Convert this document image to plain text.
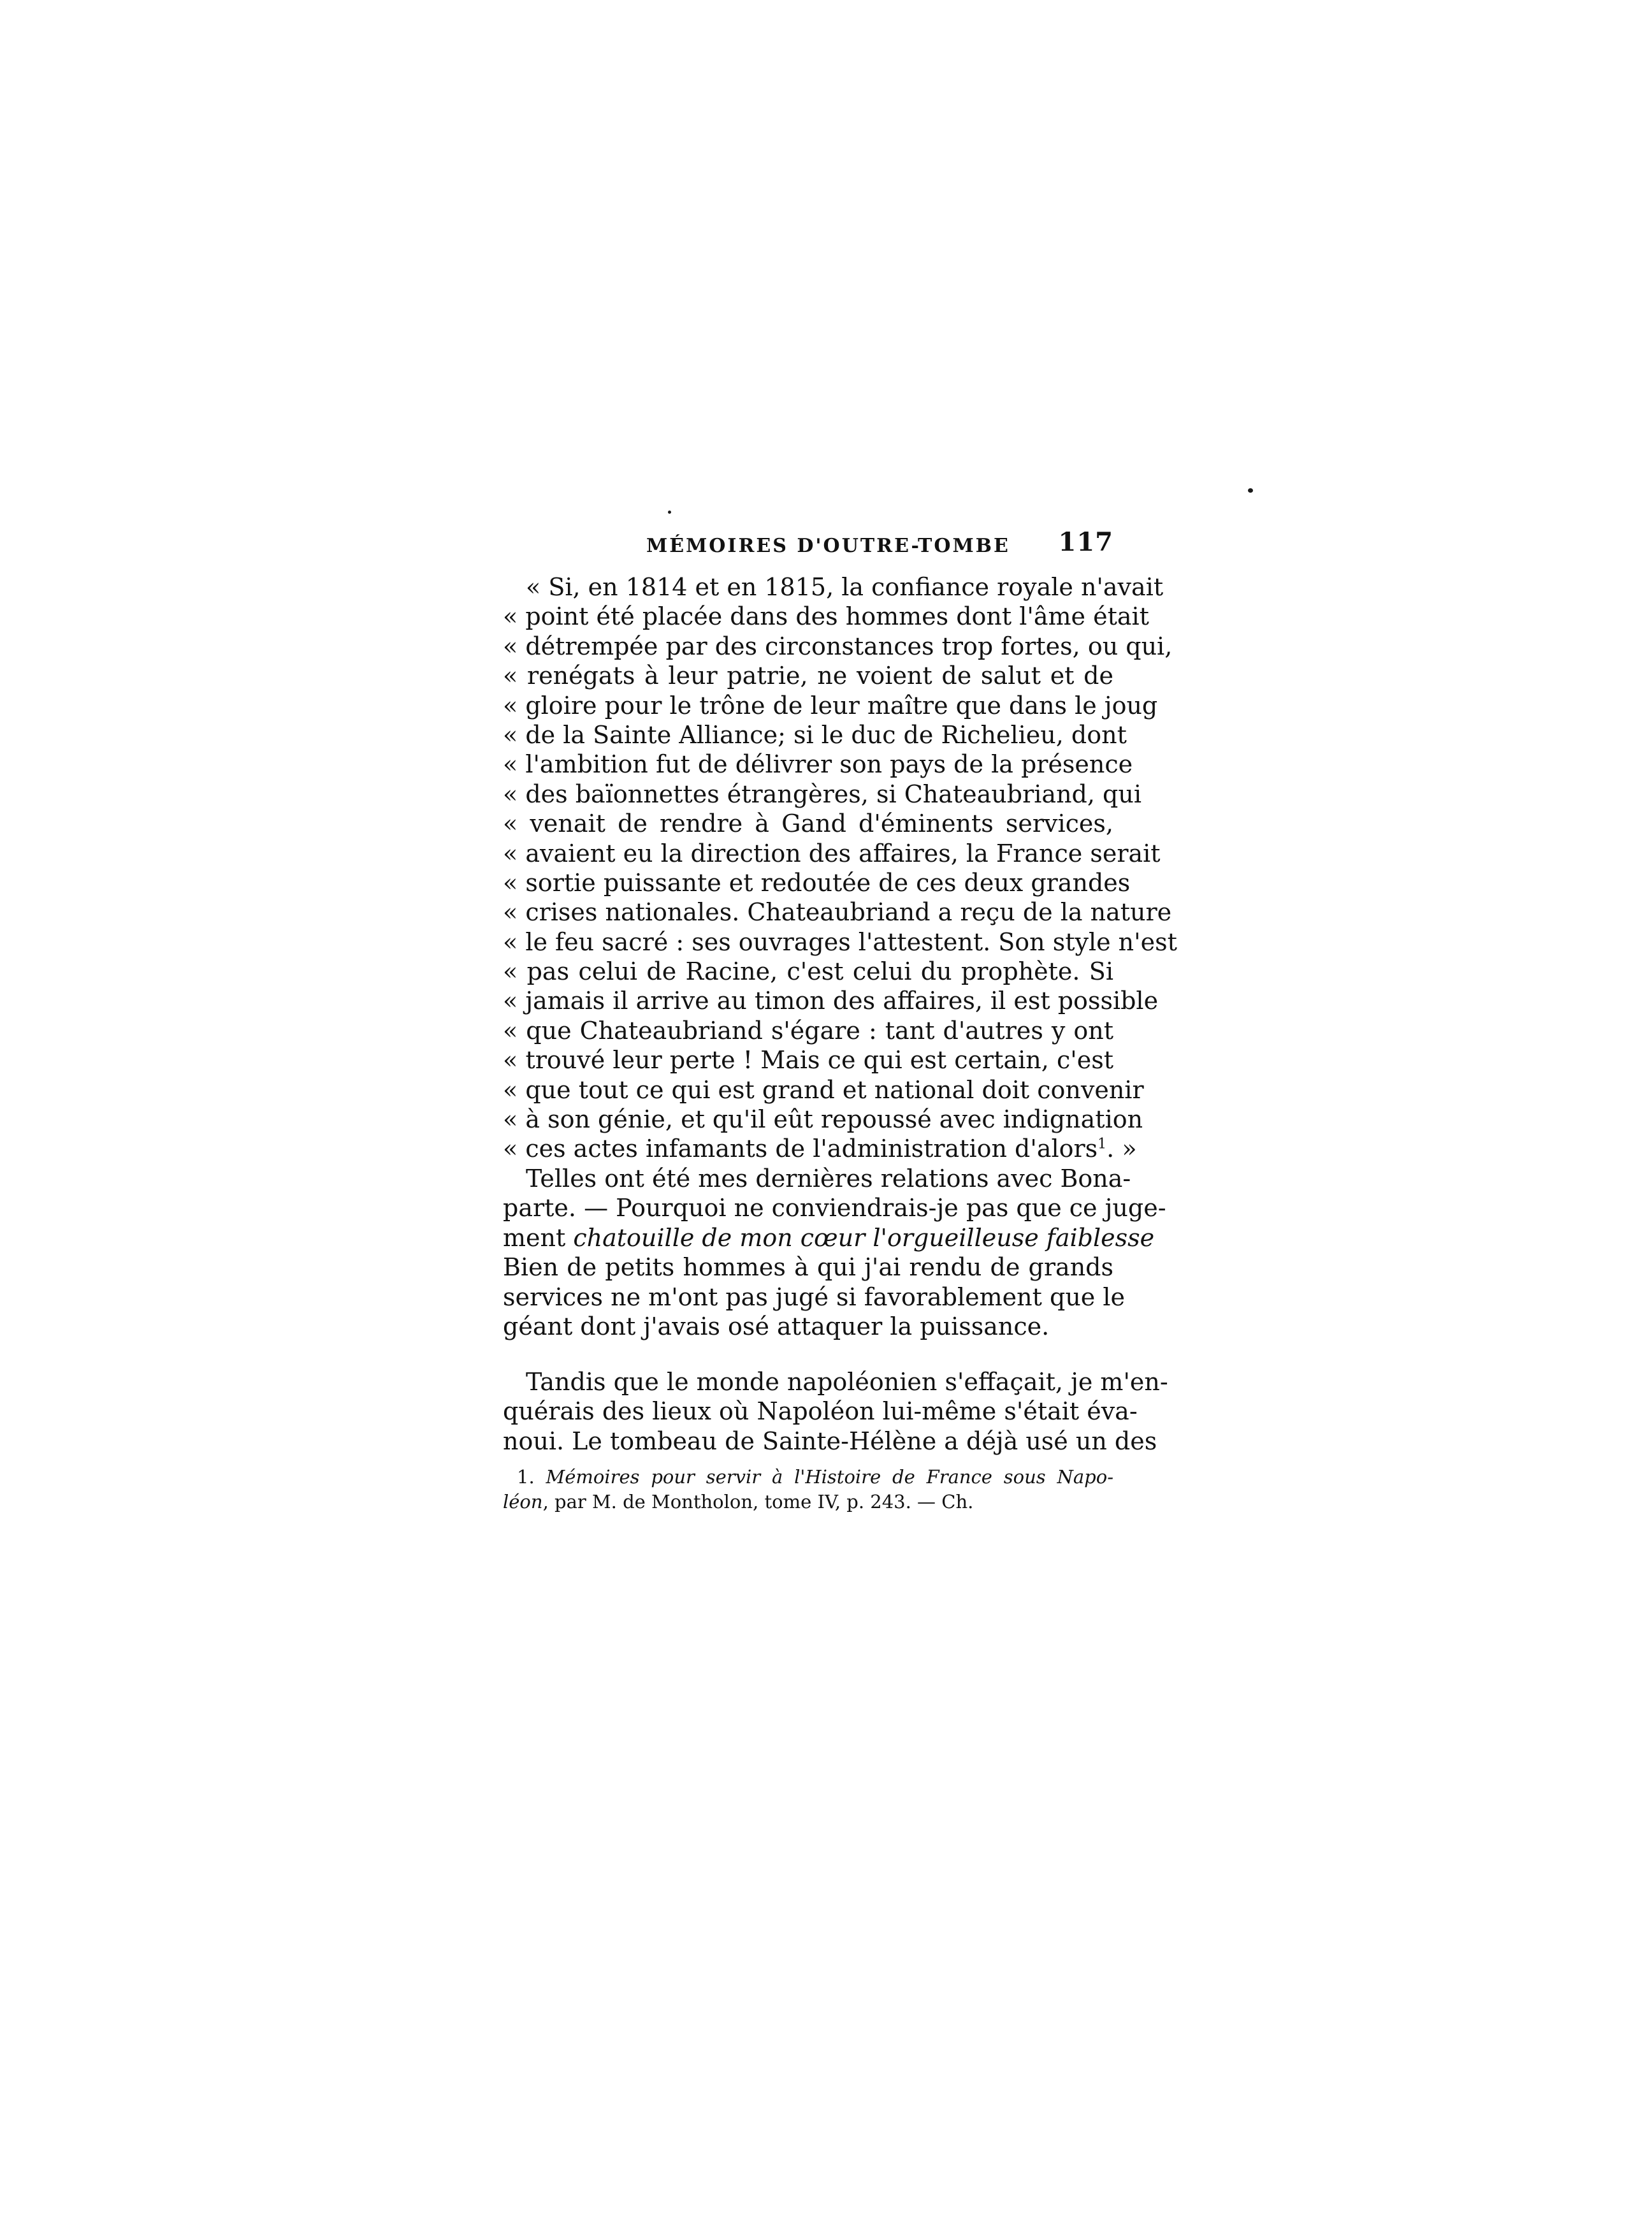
MÉMOIRES D'OUTRE-TOMBE 117
« Si, en 1814 et en 1815, la confiance royale n'avait
« point été placée dans des hommes dont l'âme était
« détrempée par des circonstances trop fortes, ou qui,
« renégats à leur patrie, ne voient de salut et de
« gloire pour le trône de leur maître que dans le joug
« de la Sainte Alliance; si le duc de Richelieu, dont
« l'ambition fut de délivrer son pays de la présence
« des baïonnettes étrangères, si Chateaubriand, qui
« venait de rendre à Gand d'éminents services,
« avaient eu la direction des affaires, la France serait
« sortie puissante et redoutée de ces deux grandes
« crises nationales. Chateaubriand a reçu de la nature
« le feu sacré : ses ouvrages l'attestent. Son style n'est
« pas celui de Racine, c'est celui du prophète. Si
« jamais il arrive au timon des affaires, il est possible
« que Chateaubriand s'égare : tant d'autres y ont
« trouvé leur perte ! Mais ce qui est certain, c'est
« que tout ce qui est grand et national doit convenir
« à son génie, et qu'il eût repoussé avec indignation
« ces actes infamants de l'administration d'alors$^1$. »
Telles ont été mes dernières relations avec Bona-
parte. — Pourquoi ne conviendrais-je pas que ce juge-
ment chatouille de mon cœur l'orgueilleuse faiblesse
Bien de petits hommes à qui j'ai rendu de grands
services ne m'ont pas jugé si favorablement que le
géant dont j'avais osé attaquer la puissance.
Tandis que le monde napoléonien s'effaçait, je m'en-
quérais des lieux où Napoléon lui-même s'était éva-
noui. Le tombeau de Sainte-Hélène a déjà usé un des
1. Mémoires pour servir à l'Histoire de France sous Napo-
léon, par M. de Montholon, tome IV, p. 243. — Ch.
